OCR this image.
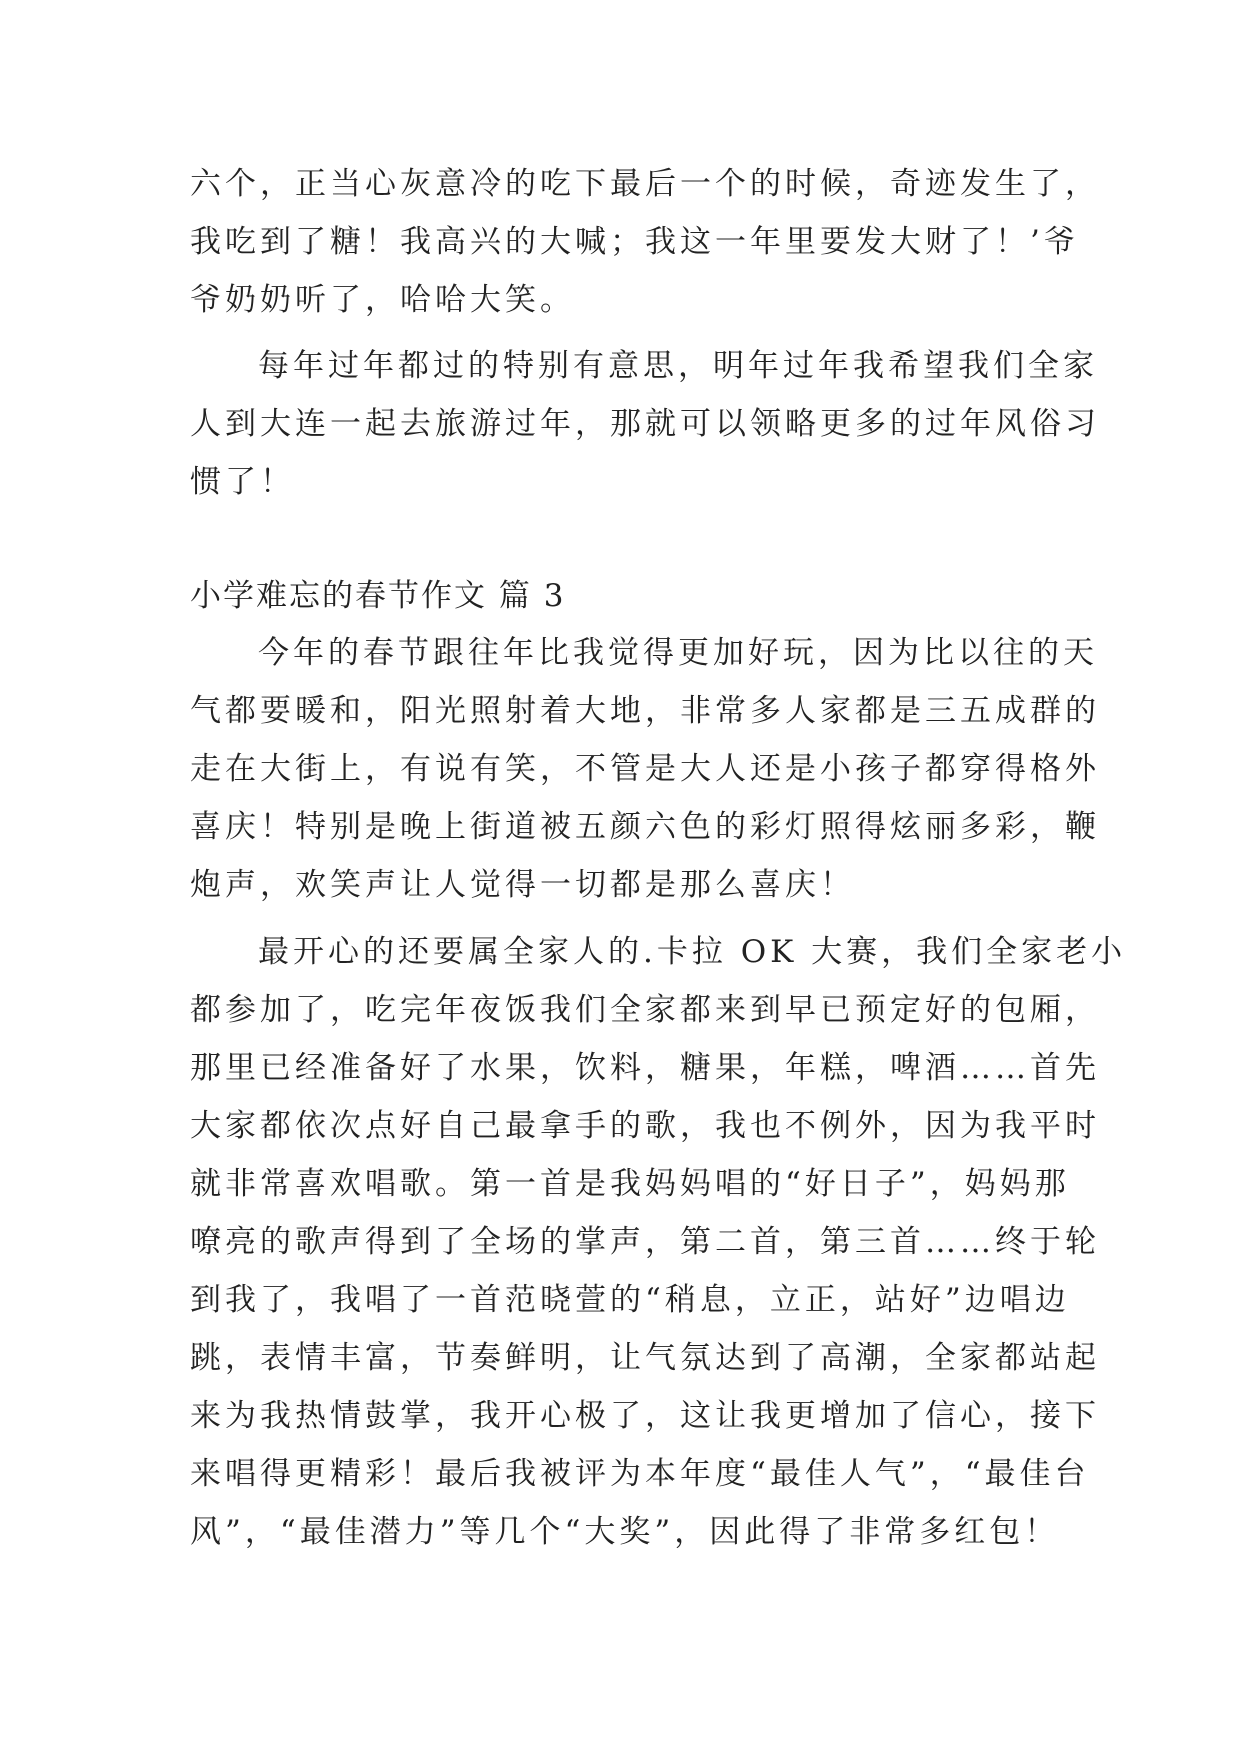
六个，正当心灰意冷的吃下最后一个的时候，奇迹发生了，
我吃到了糖！我高兴的大喊；我这一年里要发大财了！’爷
爷奶奶听了，哈哈大笑。
每年过年都过的特别有意思，明年过年我希望我们全家
人到大连一起去旅游过年，那就可以领略更多的过年风俗习
惯了！
小学难忘的春节作文 篇 3
今年的春节跟往年比我觉得更加好玩，因为比以往的天
气都要暖和，阳光照射着大地，非常多人家都是三五成群的
走在大街上，有说有笑，不管是大人还是小孩子都穿得格外
喜庆！特别是晚上街道被五颜六色的彩灯照得炫丽多彩，鞭
炮声，欢笑声让人觉得一切都是那么喜庆！
最开心的还要属全家人的.卡拉 OK 大赛，我们全家老小
都参加了，吃完年夜饭我们全家都来到早已预定好的包厢，
那里已经准备好了水果，饮料，糖果，年糕，啤酒……首先
大家都依次点好自己最拿手的歌，我也不例外，因为我平时
就非常喜欢唱歌。第一首是我妈妈唱的“好日子”，妈妈那
嘹亮的歌声得到了全场的掌声，第二首，第三首……终于轮
到我了，我唱了一首范晓萱的“稍息，立正，站好”边唱边
跳，表情丰富，节奏鲜明，让气氛达到了高潮，全家都站起
来为我热情鼓掌，我开心极了，这让我更增加了信心，接下
来唱得更精彩！最后我被评为本年度“最佳人气”，“最佳台
风”，“最佳潜力”等几个“大奖”，因此得了非常多红包！
